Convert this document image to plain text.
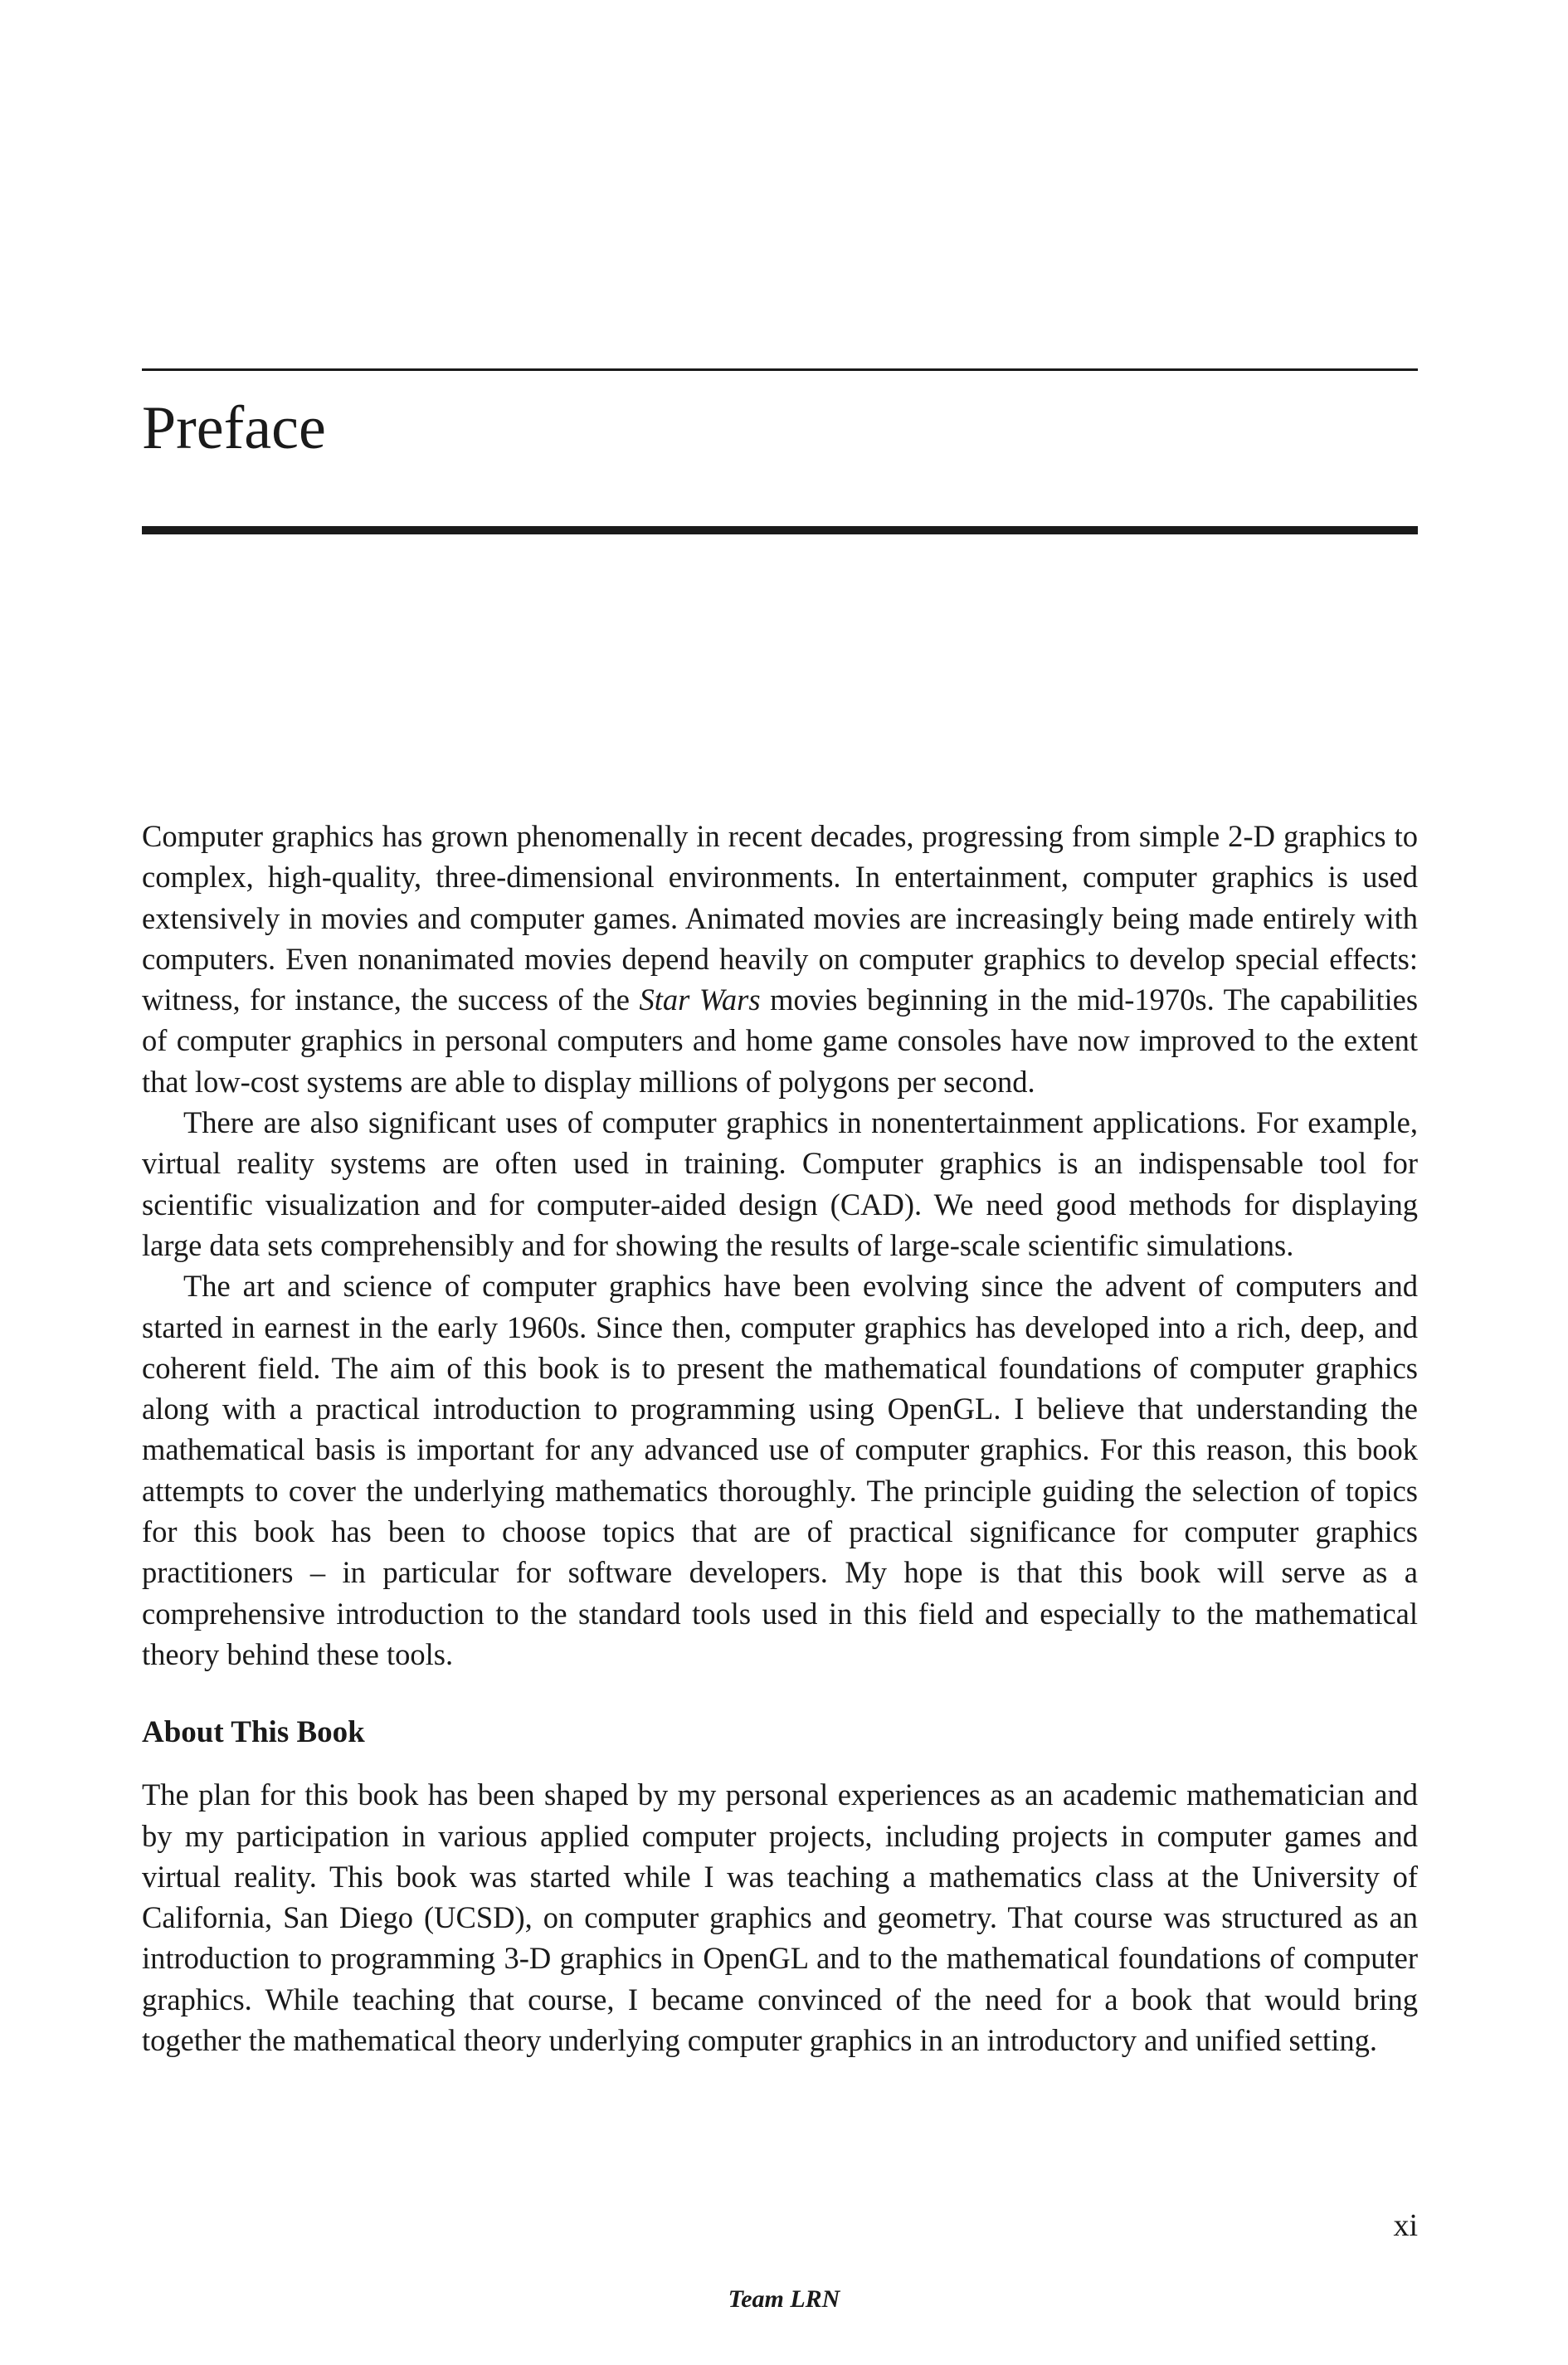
Preface

Computer graphics has grown phenomenally in recent decades, progressing from simple 2-D graphics to complex, high-quality, three-dimensional environments. In entertainment, computer graphics is used extensively in movies and computer games. Animated movies are increasingly being made entirely with computers. Even nonanimated movies depend heavily on computer graphics to develop special effects: witness, for instance, the success of the Star Wars movies beginning in the mid-1970s. The capabilities of computer graphics in personal computers and home game consoles have now improved to the extent that low-cost systems are able to display millions of polygons per second.

There are also significant uses of computer graphics in nonentertainment applications. For example, virtual reality systems are often used in training. Computer graphics is an indispensable tool for scientific visualization and for computer-aided design (CAD). We need good methods for displaying large data sets comprehensibly and for showing the results of large-scale scientific simulations.

The art and science of computer graphics have been evolving since the advent of computers and started in earnest in the early 1960s. Since then, computer graphics has developed into a rich, deep, and coherent field. The aim of this book is to present the mathematical foundations of computer graphics along with a practical introduction to programming using OpenGL. I believe that understanding the mathematical basis is important for any advanced use of computer graphics. For this reason, this book attempts to cover the underlying mathematics thoroughly. The principle guiding the selection of topics for this book has been to choose topics that are of practical significance for computer graphics practitioners – in particular for software developers. My hope is that this book will serve as a comprehensive introduction to the standard tools used in this field and especially to the mathematical theory behind these tools.

About This Book

The plan for this book has been shaped by my personal experiences as an academic mathematician and by my participation in various applied computer projects, including projects in computer games and virtual reality. This book was started while I was teaching a mathematics class at the University of California, San Diego (UCSD), on computer graphics and geometry. That course was structured as an introduction to programming 3-D graphics in OpenGL and to the mathematical foundations of computer graphics. While teaching that course, I became convinced of the need for a book that would bring together the mathematical theory underlying computer graphics in an introductory and unified setting.

xi
Team LRN
